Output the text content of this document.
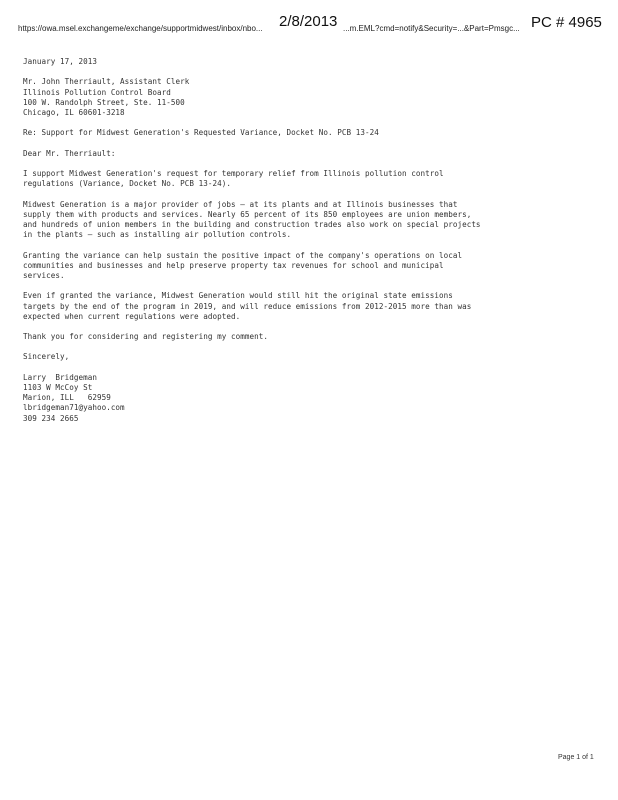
https://owa.msel.exchangeme/exchange/supportmidwest/inbox/nbo...	...m.EML?cmd=notify&Security=...&Part=Pmsgc...
2/8/2013	PC # 4965
January 17, 2013
Mr. John Therriault, Assistant Clerk
Illinois Pollution Control Board
100 W. Randolph Street, Ste. 11-500
Chicago, IL 60601-3218
Re: Support for Midwest Generation's Requested Variance, Docket No. PCB 13-24
Dear Mr. Therriault:
I support Midwest Generation's request for temporary relief from Illinois pollution control
regulations (Variance, Docket No. PCB 13-24).
Midwest Generation is a major provider of jobs – at its plants and at Illinois businesses that
supply them with products and services. Nearly 65 percent of its 850 employees are union members,
and hundreds of union members in the building and construction trades also work on special projects
in the plants – such as installing air pollution controls.
Granting the variance can help sustain the positive impact of the company's operations on local
communities and businesses and help preserve property tax revenues for school and municipal
services.
Even if granted the variance, Midwest Generation would still hit the original state emissions
targets by the end of the program in 2019, and will reduce emissions from 2012-2015 more than was
expected when current regulations were adopted.
Thank you for considering and registering my comment.
Sincerely,
Larry  Bridgeman
1103 W McCoy St
Marion, ILL   62959
lbridgeman71@yahoo.com
309 234 2665
Page 1 of 1
